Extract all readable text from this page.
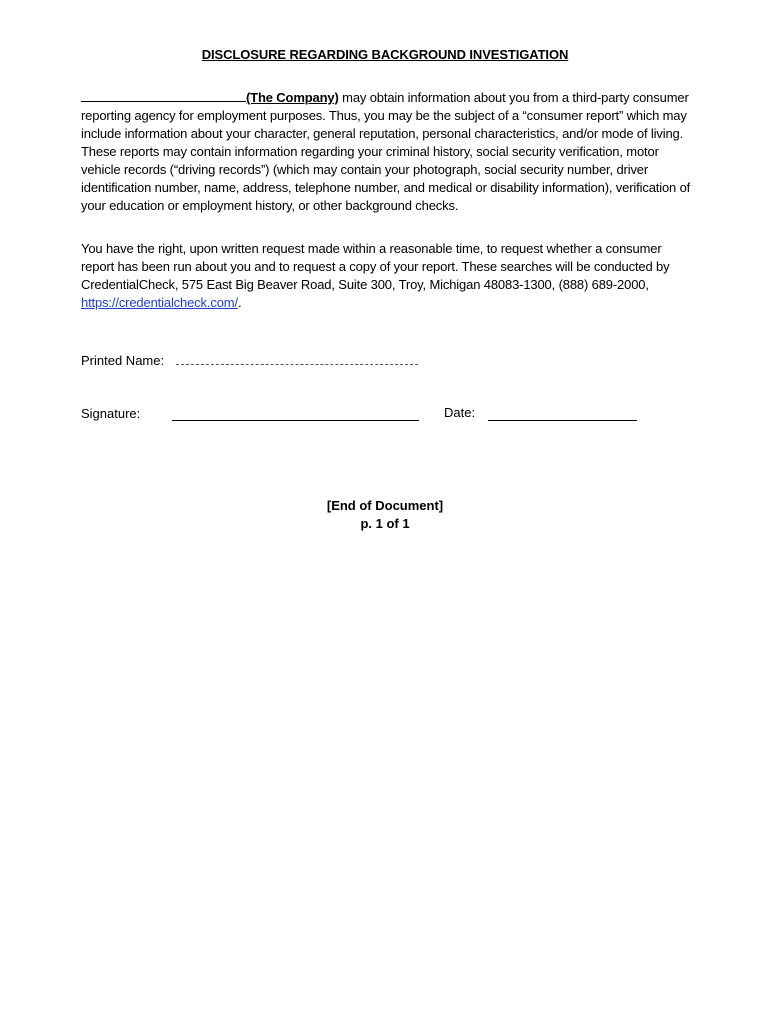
DISCLOSURE REGARDING BACKGROUND INVESTIGATION
(The Company) may obtain information about you from a third-party consumer reporting agency for employment purposes. Thus, you may be the subject of a “consumer report” which may include information about your character, general reputation, personal characteristics, and/or mode of living. These reports may contain information regarding your criminal history, social security verification, motor vehicle records (“driving records”) (which may contain your photograph, social security number, driver identification number, name, address, telephone number, and medical or disability information), verification of your education or employment history, or other background checks.
You have the right, upon written request made within a reasonable time, to request whether a consumer report has been run about you and to request a copy of your report. These searches will be conducted by CredentialCheck, 575 East Big Beaver Road, Suite 300, Troy, Michigan 48083-1300, (888) 689-2000, https://credentialcheck.com/.
Printed Name:
Signature:	Date:
[End of Document]
p. 1 of 1
